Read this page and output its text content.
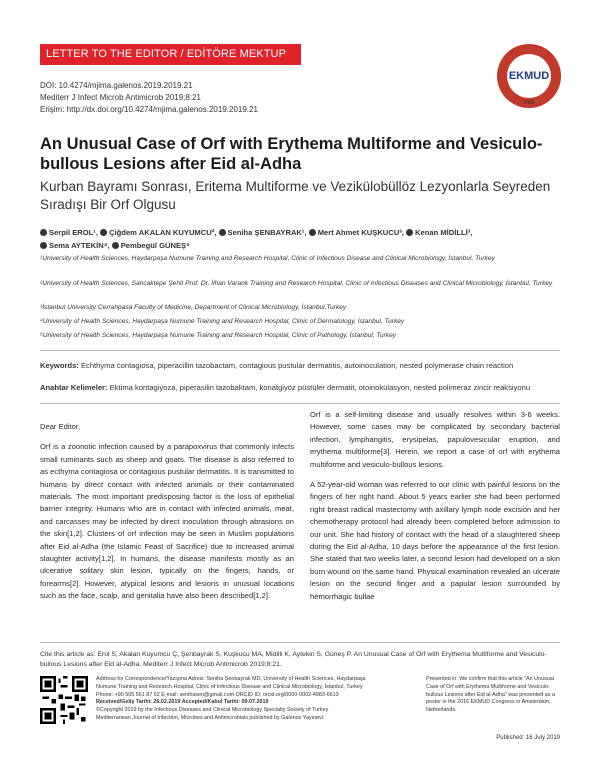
LETTER TO THE EDITOR / EDİTÖRE MEKTUP
DOI: 10.4274/mjima.galenos.2019.2019.21
Mediterr J Infect Microb Antimicrob 2019;8:21
Erişim: http://dx.doi.org/10.4274/mjima.galenos.2019.2019.21
EKMUD
2006
An Unusual Case of Orf with Erythema Multiforme and Vesiculo-bullous Lesions after Eid al-Adha
Kurban Bayramı Sonrası, Eritema Multiforme ve Vezikülobüllöz Lezyonlarla Seyreden Sıradışı Bir Orf Olgusu
Serpil EROL¹, Çiğdem AKALAN KUYUMCU², Seniha ŞENBAYRAK¹, Mert Ahmet KUŞKUCU³, Kenan MİDİLLİ³,
Sema AYTEKİN⁴, Pembegül GÜNEŞ⁵
¹University of Health Sciences, Haydarpaşa Numune Training and Research Hospital, Clinic of Infectious Disease and Clinical Microbiology, İstanbul, Turkey
²University of Health Sciences, Sancaktepe Şehit Prof. Dr. İlhan Varank Training and Research Hospital, Clinic of Infectious Diseases and Clinical Microbiology, İstanbul, Turkey
³İstanbul University Cerrahpasa Faculty of Medicine, Department of Clinical Microbiology, İstanbul,Turkey
⁴University of Health Sciences, Haydarpaşa Numune Training and Research Hospital, Clinic of Dermatology, İstanbul, Turkey
⁵University of Health Sciences, Haydarpaşa Numune Training and Research Hospital, Clinic of Pathology, İstanbul, Turkey
Keywords: Echthyma contagiosa, piperacillin tazobactam, contagious pustular dermatitis, autoinoculation, nested polymerase chain reaction
Anahtar Kelimeler: Ektima kontagiyoza, piperasilin tazobaktam, konatgiyöz püstüler dermatit, otoinokülasyon, nested polimeraz zincir reaksiyonu

Dear Editor,

Orf is a zoonotic infection caused by a parapoxvirus that commonly infects small ruminants such as sheep and goats. The disease is also referred to as ecthyma contagiosa or contagious pustular dermatitis. It is transmitted to humans by direct contact with infected animals or their contaminated materials. The most important predisposing factor is the loss of epithelial barrier integrity. Humans who are in contact with infected animals, meat, and carcasses may be infected by direct inoculation through abrasions on the skin[1,2]. Clusters of orf infection may be seen in Muslim populations after Eid al-Adha (the Islamic Feast of Sacrifice) due to increased animal slaughter activity[1,2]. In humans, the disease manifests mostly as an ulcerative solitary skin lesion, typically on the fingers, hands, or forearms[2]. However, atypical lesions and lesions in unusual locations such as the face, scalp, and genitalia have also been described[1,2].

Orf is a self-limiting disease and usually resolves within 3-6 weeks. However, some cases may be complicated by secondary bacterial infection, lymphangitis, erysipelas, papulovesicular eruption, and erythema multiforme[3]. Herein, we report a case of orf with erythema multiforme and vesiculo-bullous lesions.

A 52-year-old woman was referred to our clinic with painful lesions on the fingers of her right hand. About 5 years earlier she had been performed right breast radical mastectomy with axillary lymph node excision and her chemotherapy protocol had already been completed before admission to our unit. She had history of contact with the head of a slaughtered sheep during the Eid al-Adha, 10 days before the appearance of the first lesion. She stated that two weeks later, a second lesion had developed on a skin burn wound on the same hand. Physical examination revealed an ulcerate lesion on the second finger and a papular lesion surrounded by hemorrhagic bullae

Cite this article as: Erol S, Akalan Kuyumcu Ç, Şenbayrak S, Kuşkucu MA, Midilli K, Aytekin S, Güneş P. An Unusual Case of Orf with Erythema Multiforme and Vesiculo-bullous Lesions after Eid al-Adha. Mediterr J Infect Microb Antimicrob 2019;8:21.
Address for Correspondence/Yazışma Adresi: Seniha Şenbayrak MD, University of Health Sciences, Haydarpaşa
Numune Training and Research Hospital, Clinic of Infectious Disease and Clinical Microbiology, İstanbul, Turkey
Phone: +90 505 561 87 52 E-mail: senihasen@gmail.com ORCID ID: orcid.org/0000-0002-4983-6613
Received/Geliş Tarihi: 26.02.2019 Accepted/Kabul Tarihi: 09.07.2019
©Copyright 2019 by the Infectious Diseases and Clinical Microbiology Specialty Society of Turkey
Mediterranean Journal of Infection, Microbes and Antimicrobials published by Galenos Yayınevi.
Presented in: We confirm that this article "An Unusual Case of Orf with Erythema Multiforme and Vesiculo-bullous Lesions after Eid al-Adha" was presented as a poster in the 2016 EKMUD Congress in Amsterdam, Netherlands.
Published: 16 July 2019
